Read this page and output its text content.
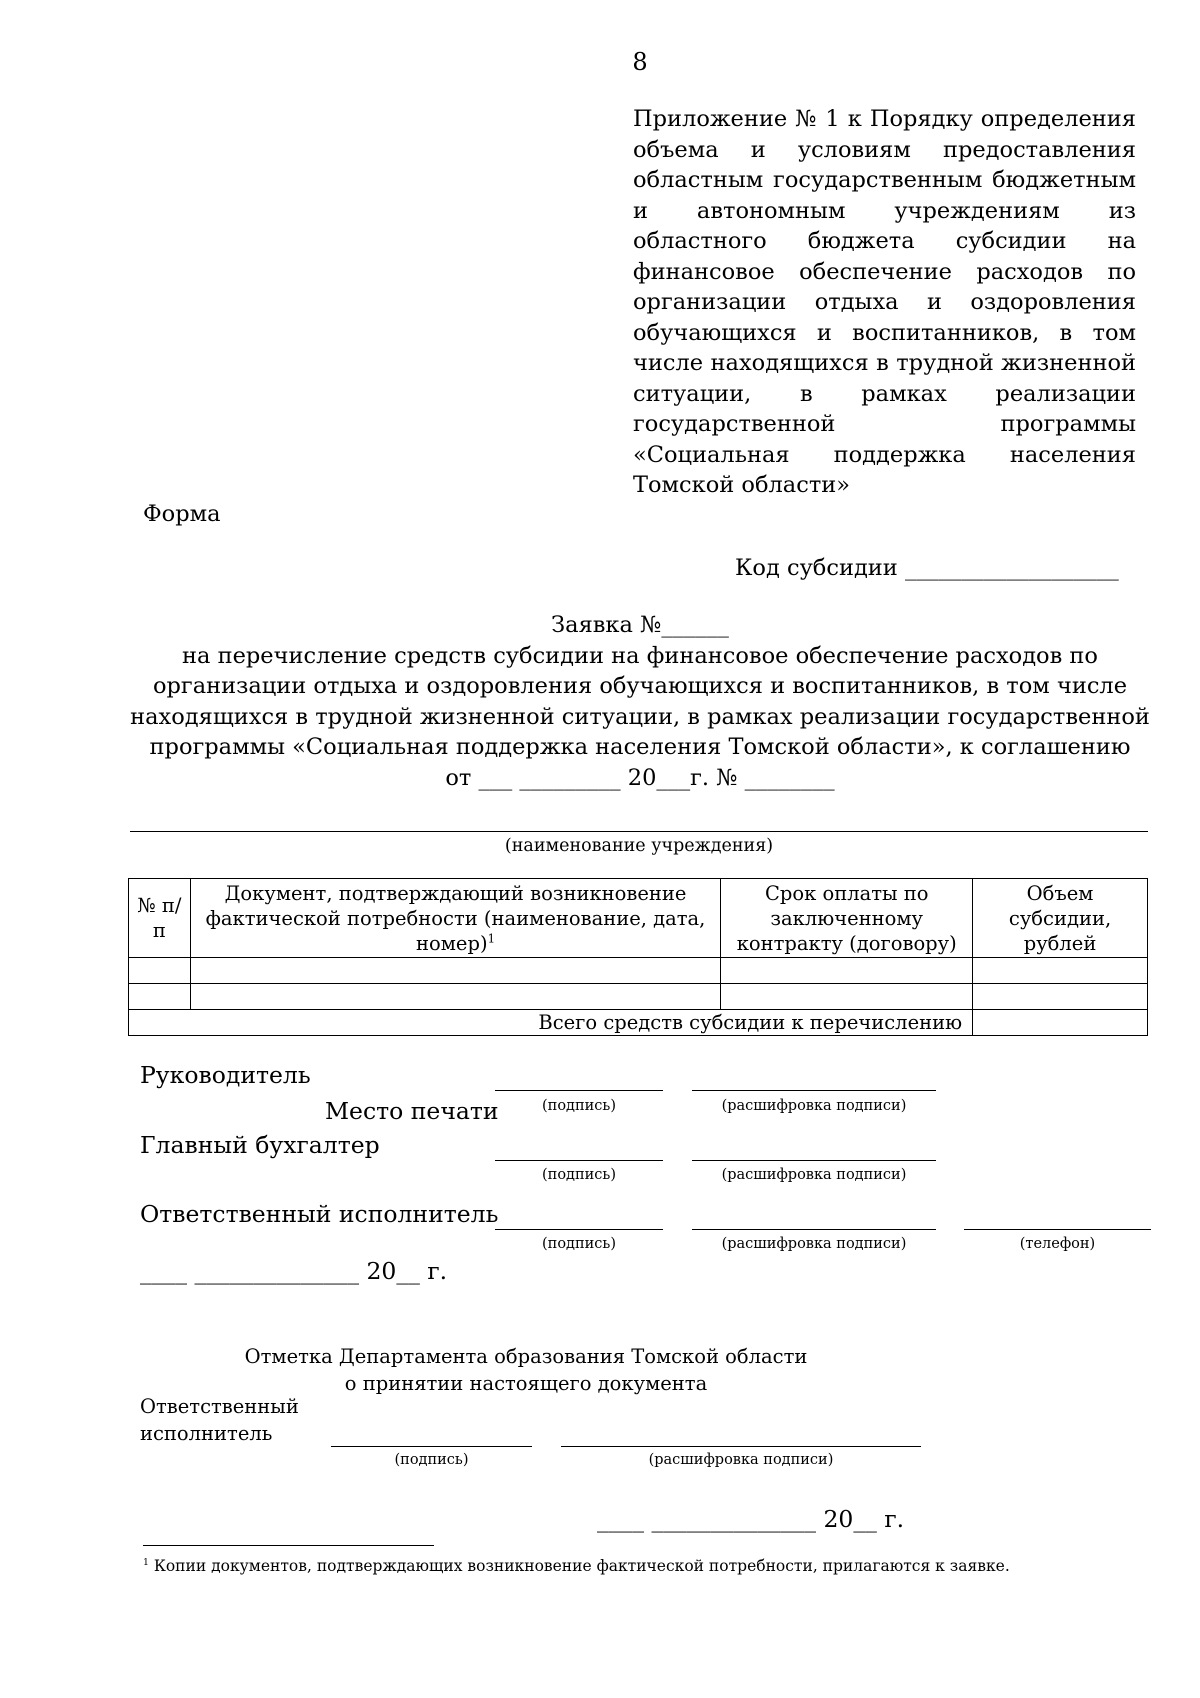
8
Приложение № 1 к Порядку определения объема и условиям предоставления областным государственным бюджетным и автономным учреждениям из областного бюджета субсидии на финансовое обеспечение расходов по организации отдыха и оздоровления обучающихся и воспитанников, в том числе находящихся в трудной жизненной ситуации, в рамках реализации государственной программы «Социальная поддержка населения Томской области»
Форма
Код субсидии ___________________
Заявка №______
на перечисление средств субсидии на финансовое обеспечение расходов по
организации отдыха и оздоровления обучающихся и воспитанников, в том числе
находящихся в трудной жизненной ситуации, в рамках реализации государственной
программы «Социальная поддержка населения Томской области», к соглашению
от ___ _________ 20___г. № ________
(наименование учреждения)
№ п/п	Документ, подтверждающий возникновение фактической потребности (наименование, дата, номер)$^1$	Срок оплаты по заключенному контракту (договору)	Объем субсидии, рублей

Всего средств субсидии к перечислению			
Руководитель
(подпись)	(расшифровка подписи)
Место печати
Главный бухгалтер
(подпись)	(расшифровка подписи)
Ответственный исполнитель
(подпись)	(расшифровка подписи)	(телефон)
____ ______________ 20__ г.
Отметка Департамента образования Томской области
о принятии настоящего документа
Ответственный
исполнитель
(подпись)	(расшифровка подписи)
____ ______________ 20__ г.
$^1$ Копии документов, подтверждающих возникновение фактической потребности, прилагаются к заявке.
